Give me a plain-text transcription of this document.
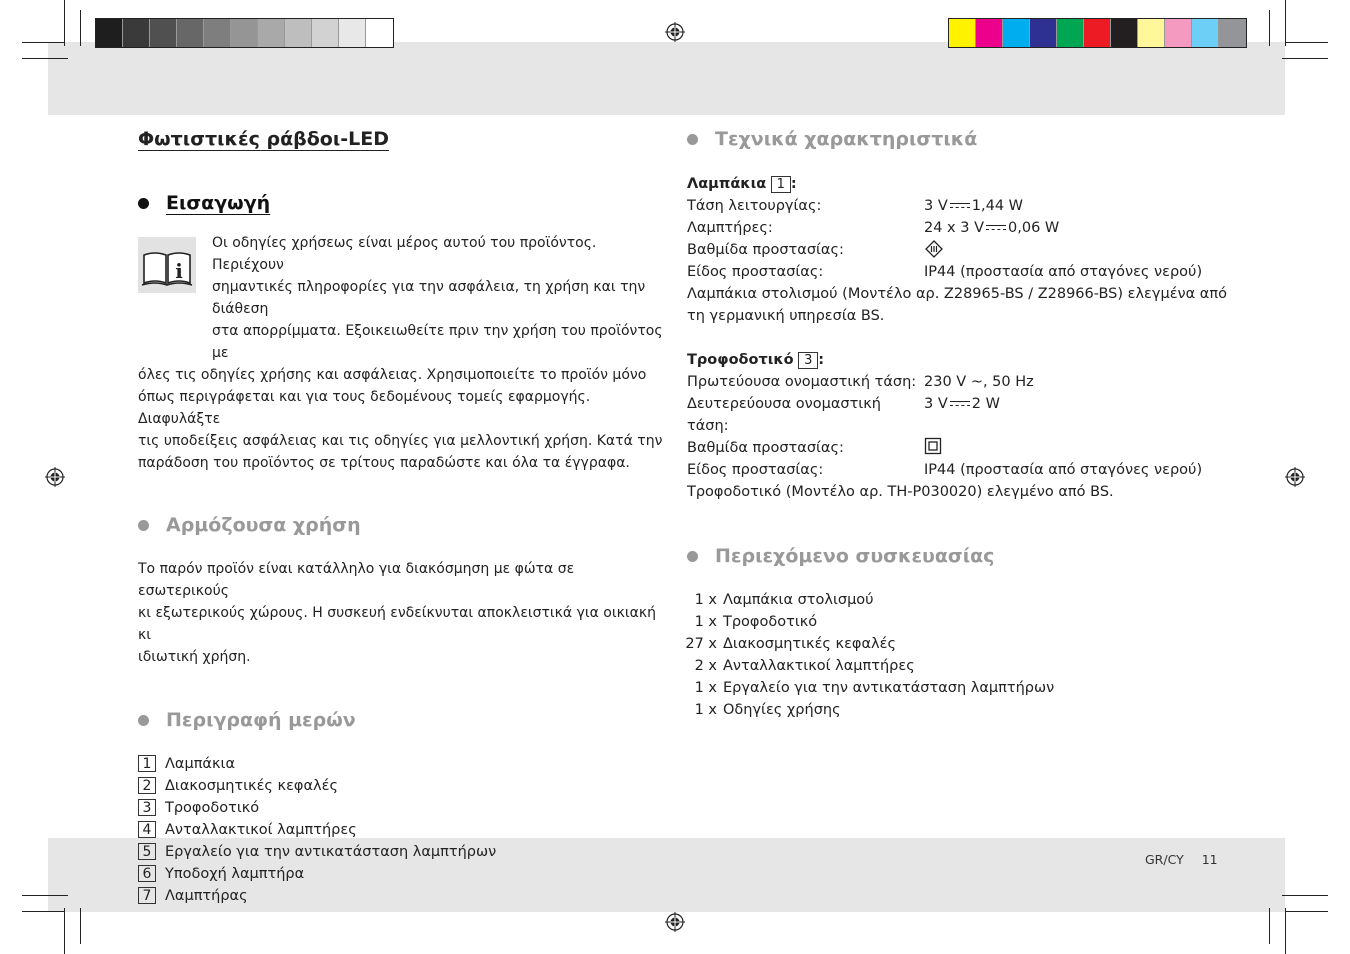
Φωτιστικές ράβδοι-LED
Εισαγωγή
i
Οι οδηγίες χρήσεως είναι μέρος αυτού του προϊόντος. Περιέχουν
σημαντικές πληροφορίες για την ασφάλεια, τη χρήση και την διάθεση
στα απορρίμματα. Εξοικειωθείτε πριν την χρήση του προϊόντος με
όλες τις οδηγίες χρήσης και ασφάλειας. Χρησιμοποιείτε το προϊόν μόνο
όπως περιγράφεται και για τους δεδομένους τομείς εφαρμογής. Διαφυλάξτε
τις υποδείξεις ασφάλειας και τις οδηγίες για μελλοντική χρήση. Κατά την
παράδοση του προϊόντος σε τρίτους παραδώστε και όλα τα έγγραφα.
Αρμόζουσα χρήση
Το παρόν προϊόν είναι κατάλληλο για διακόσμηση με φώτα σε εσωτερικούς
κι εξωτερικούς χώρους. Η συσκευή ενδείκνυται αποκλειστικά για οικιακή κι
ιδιωτική χρήση.
Περιγραφή μερών
1 Λαμπάκια
2 Διακοσμητικές κεφαλές
3 Τροφοδοτικό
4 Ανταλλακτικοί λαμπτήρες
5 Εργαλείο για την αντικατάσταση λαμπτήρων
6 Υποδοχή λαμπτήρα
7 Λαμπτήρας
Τεχνικά χαρακτηριστικά
Λαμπάκια 1 :
Τάση λειτουργίας:	3 V 1,44 W
Λαμπτήρες:	24 x 3 V 0,06 W
Βαθμίδα προστασίας:
Είδος προστασίας:	IP44 (προστασία από σταγόνες νερού)
Λαμπάκια στολισμού (Μοντέλο αρ. Z28965-BS / Z28966-BS) ελεγμένα από
τη γερμανική υπηρεσία BS.
Τροφοδοτικό 3 :
Πρωτεύουσα ονομαστική τάση: 230 V ~, 50 Hz
Δευτερεύουσα ονομαστική τάση:
3 V 2 W
Βαθμίδα προστασίας:
Είδος προστασίας:	IP44 (προστασία από σταγόνες νερού)
Τροφοδοτικό (Μοντέλο αρ. TH-P030020) ελεγμένο από BS.
Περιεχόμενο συσκευασίας
1 x Λαμπάκια στολισμού
1 x Τροφοδοτικό
27 x Διακοσμητικές κεφαλές
2 x Ανταλλακτικοί λαμπτήρες
1 x Εργαλείο για την αντικατάσταση λαμπτήρων
1 x Οδηγίες χρήσης
GR/CY 11
